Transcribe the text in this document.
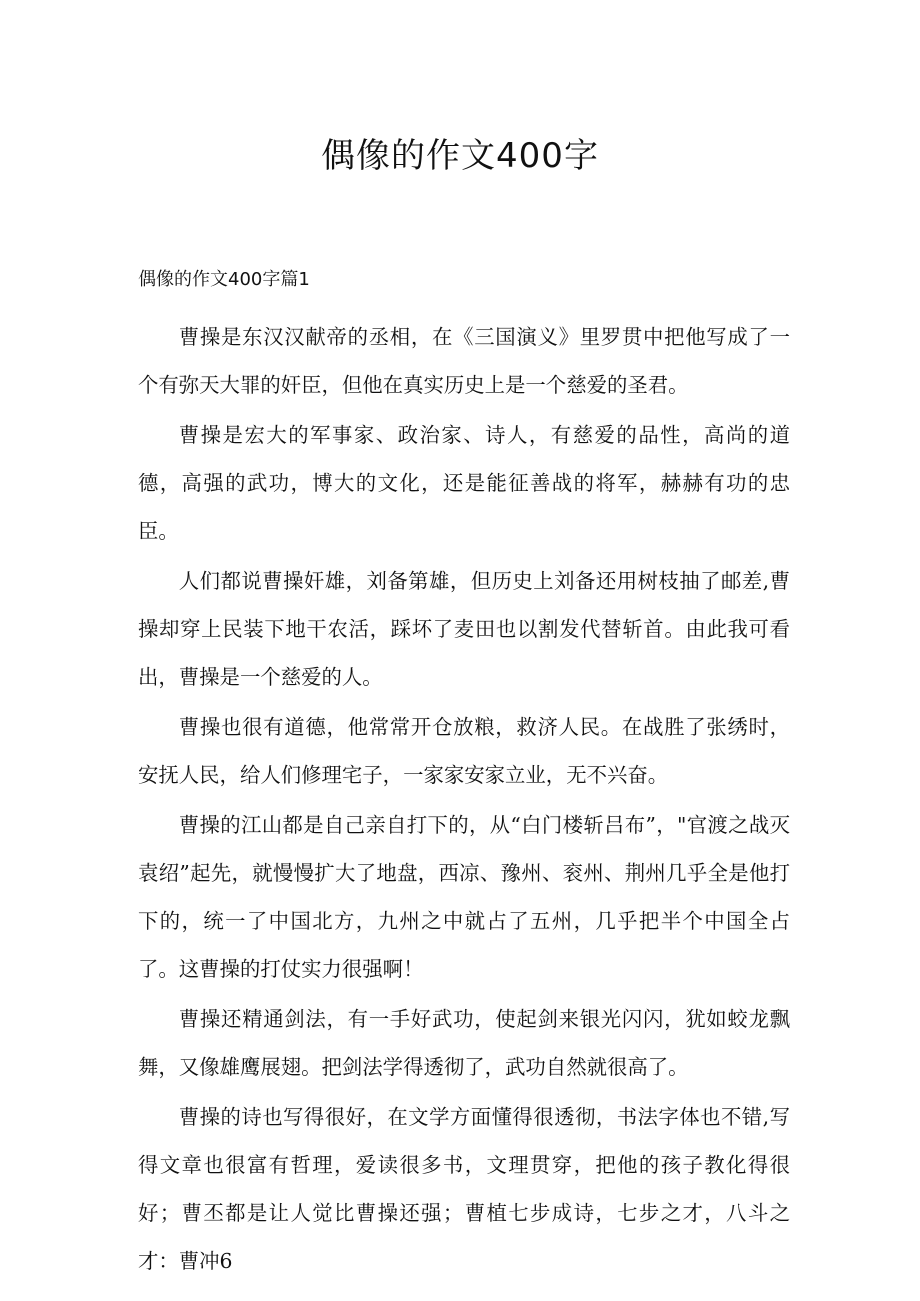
偶像的作文400字
偶像的作文400字篇1

曹操是东汉汉献帝的丞相，在《三国演义》里罗贯中把他写成了一个有弥天大罪的奸臣，但他在真实历史上是一个慈爱的圣君。

曹操是宏大的军事家、政治家、诗人，有慈爱的品性，高尚的道德，高强的武功，博大的文化，还是能征善战的将军，赫赫有功的忠臣。

人们都说曹操奸雄，刘备第雄，但历史上刘备还用树枝抽了邮差,曹操却穿上民装下地干农活，踩坏了麦田也以割发代替斩首。由此我可看出，曹操是一个慈爱的人。

曹操也很有道德，他常常开仓放粮，救济人民。在战胜了张绣时，安抚人民，给人们修理宅子，一家家安家立业，无不兴奋。

曹操的江山都是自己亲自打下的，从“白门楼斩吕布”，"官渡之战灭袁绍”起先，就慢慢扩大了地盘，西凉、豫州、衮州、荆州几乎全是他打下的，统一了中国北方，九州之中就占了五州，几乎把半个中国全占了。这曹操的打仗实力很强啊！

曹操还精通剑法，有一手好武功，使起剑来银光闪闪，犹如蛟龙飘舞，又像雄鹰展翅。把剑法学得透彻了，武功自然就很高了。

曹操的诗也写得很好，在文学方面懂得很透彻，书法字体也不错,写得文章也很富有哲理，爱读很多书，文理贯穿，把他的孩子教化得很好；曹丕都是让人觉比曹操还强；曹植七步成诗，七步之才，八斗之才：曹冲6
